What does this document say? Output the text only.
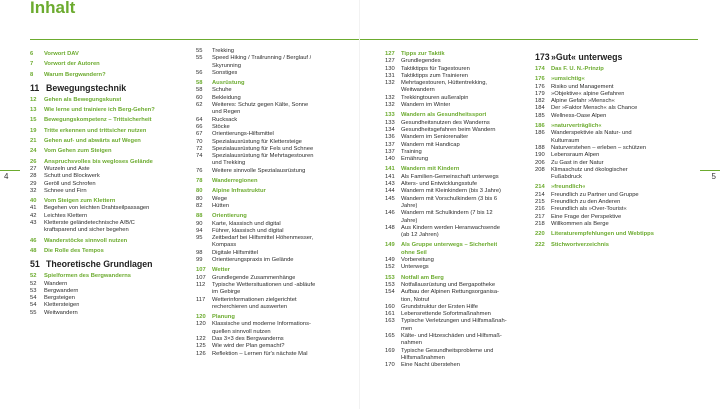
Inhalt
4	5
6	Vorwort DAV
7	Vorwort der Autoren
8	Warum Bergwandern?
11 Bewegungstechnik
12	Gehen als Bewegungskunst
13	Wie lerne und trainiere ich Berg-Gehen?
15	Bewegungskompetenz – Trittsicherheit
19	Tritte erkennen und trittsicher nutzen
21	Gehen auf- und abwärts auf Wegen
24	Vom Gehen zum Steigen
26	Anspruchsvolles bis wegloses Gelände
27	Wurzeln und Äste
28	Schutt und Blockwerk
29	Geröll und Schrofen
32	Schnee und Firn
40	Vom Steigen zum Klettern
41	Begehen von leichten Drahtseilpassagen
42	Leichtes Klettern
43	Kletterste geländetechnische A/B/C
kraftsparend und sicher begehen
46	Wanderstöcke sinnvoll nutzen
48	Die Rolle des Tempos
51 Theoretische Grundlagen
52	Spielformen des Bergwanderns
52	Wandern
53	Bergwandern
54	Bergsteigen
54	Klettersteigen
55	Weitwandern
55	Trekking
55	Speed Hiking / Trailrunning / Berglauf /
Skyrunning
56	Sonstiges
58	Ausrüstung
58	Schuhe
60	Bekleidung
62	Weiteres: Schutz gegen Kälte, Sonne
und Regen
64	Rucksack
66	Stöcke
67	Orientierungs-Hilfsmittel
70	Spezialausrüstung für Klettersteige
72	Spezialausrüstung für Fels und Schnee
74	Spezialausrüstung für Mehrtagestouren
und Trekking
76	Weitere sinnvolle Spezialausrüstung
78	Wanderregionen
80	Alpine Infrastruktur
80	Wege
82	Hütten
88	Orientierung
90	Karte, klassisch und digital
94	Führer, klassisch und digital
95	Zeitbedarf bei Hilfsmittel Höhenmesser,
Kompass
98	Digitale Hilfsmittel
99	Orientierungspraxis im Gelände
107	Wetter
107	Grundlegende Zusammenhänge
112	Typische Wettersituationen und -abläufe
im Gebirge
117	Wetterinformationen zielgerichtet
recherchieren und auswerten
120	Planung
120	Klassische und moderne Informations-
quellen sinnvoll nutzen
122	Das 3×3 des Bergwanderns
125	Wie wird der Plan gemacht?
126	Reflektion – Lernen für's nächste Mal
127	Tipps zur Taktik
127	Grundlegendes
130	Taktiktipps für Tagestouren
131	Taktiktipps zum Trainieren
132	Mehrtagestouren, Hüttentrekking,
Weitwandern
132	Trekkingtouren außeralpin
132	Wandern im Winter
133	Wandern als Gesundheitssport
133	Gesundheitsnutzen des Wanderns
134	Gesundheitsgefahren beim Wandern
136	Wandern im Seniorenalter
137	Wandern mit Handicap
137	Training
140	Ernährung
141	Wandern mit Kindern
141	Als Familien-Gemeinschaft unterwegs
143	Alters- und Entwicklungsstufe
144	Wandern mit Kleinkindern (bis 3 Jahre)
145	Wandern mit Vorschulkindern (3 bis 6
Jahre)
146	Wandern mit Schulkindern (7 bis 12
Jahre)
148	Aus Kindern werden Heranwachsende
(ab 12 Jahren)
149	Als Gruppe unterwegs – Sicherheit
ohne Seil
149	Vorbereitung
152	Unterwegs
153	Notfall am Berg
153	Notfallausrüstung und Bergapotheke
154	Aufbau der Alpinen Rettungsorganisa-
tion, Notruf
160	Grundstruktur der Ersten Hilfe
161	Lebensrettende Sofortmaßnahmen
163	Typische Verletzungen und Hilfsmaßnah-
men
165	Kälte- und Hitzeschäden und Hilfsmaß-
nahmen
169	Typische Gesundheitsprobleme und
Hilfsmaßnahmen
170	Eine Nacht überstehen
173 »Gut« unterwegs
174	Das F. U. N.-Prinzip
176	»umsichtig«
176	Risiko und Management
179	»Objektive« alpine Gefahren
182	Alpine Gefahr »Mensch«
184	Der »Faktor Mensch« als Chance
185	Wellness-Oase Alpen
186	»naturverträglich«
186	Wanderspektivie als Natur- und
Kulturraum
188	Naturverstehen – erleben – schützen
190	Lebensraum Alpen
206	Zu Gast in der Natur
208	Klimaschutz und ökologischer
Fußabdruck
214	»freundlich«
214	Freundlich zu Partner und Gruppe
215	Freundlich zu den Anderen
216	Freundlich als »Over-Tourist«
217	Eine Frage der Perspektive
218	Willkommen als Berge
220	Literaturempfehlungen und Webtipps
222	Stichwortverzeichnis
